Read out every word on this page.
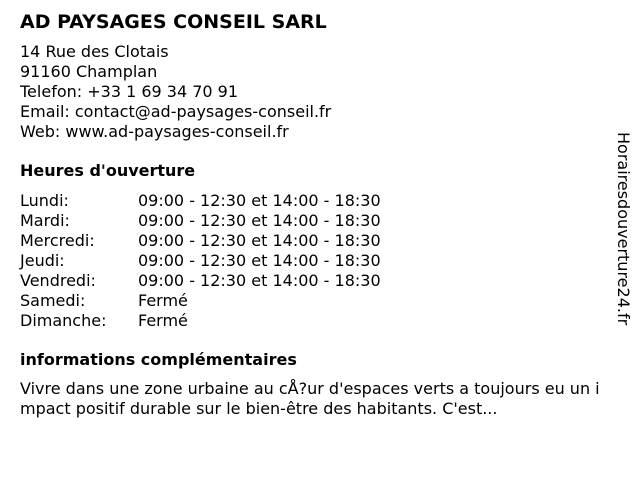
AD PAYSAGES CONSEIL SARL
14 Rue des Clotais
91160 Champlan
Telefon: +33 1 69 34 70 91
Email: contact@ad-paysages-conseil.fr
Web: www.ad-paysages-conseil.fr
Heures d'ouverture
Lundi:	09:00 - 12:30 et 14:00 - 18:30
Mardi:	09:00 - 12:30 et 14:00 - 18:30
Mercredi:	09:00 - 12:30 et 14:00 - 18:30
Jeudi:	09:00 - 12:30 et 14:00 - 18:30
Vendredi:	09:00 - 12:30 et 14:00 - 18:30
Samedi:	Fermé
Dimanche:	Fermé
informations complémentaires
Vivre dans une zone urbaine au cÅ?ur d'espaces verts a toujours eu un impact positif durable sur le bien-être des habitants. C'est...
Horairesdouverture24.fr
